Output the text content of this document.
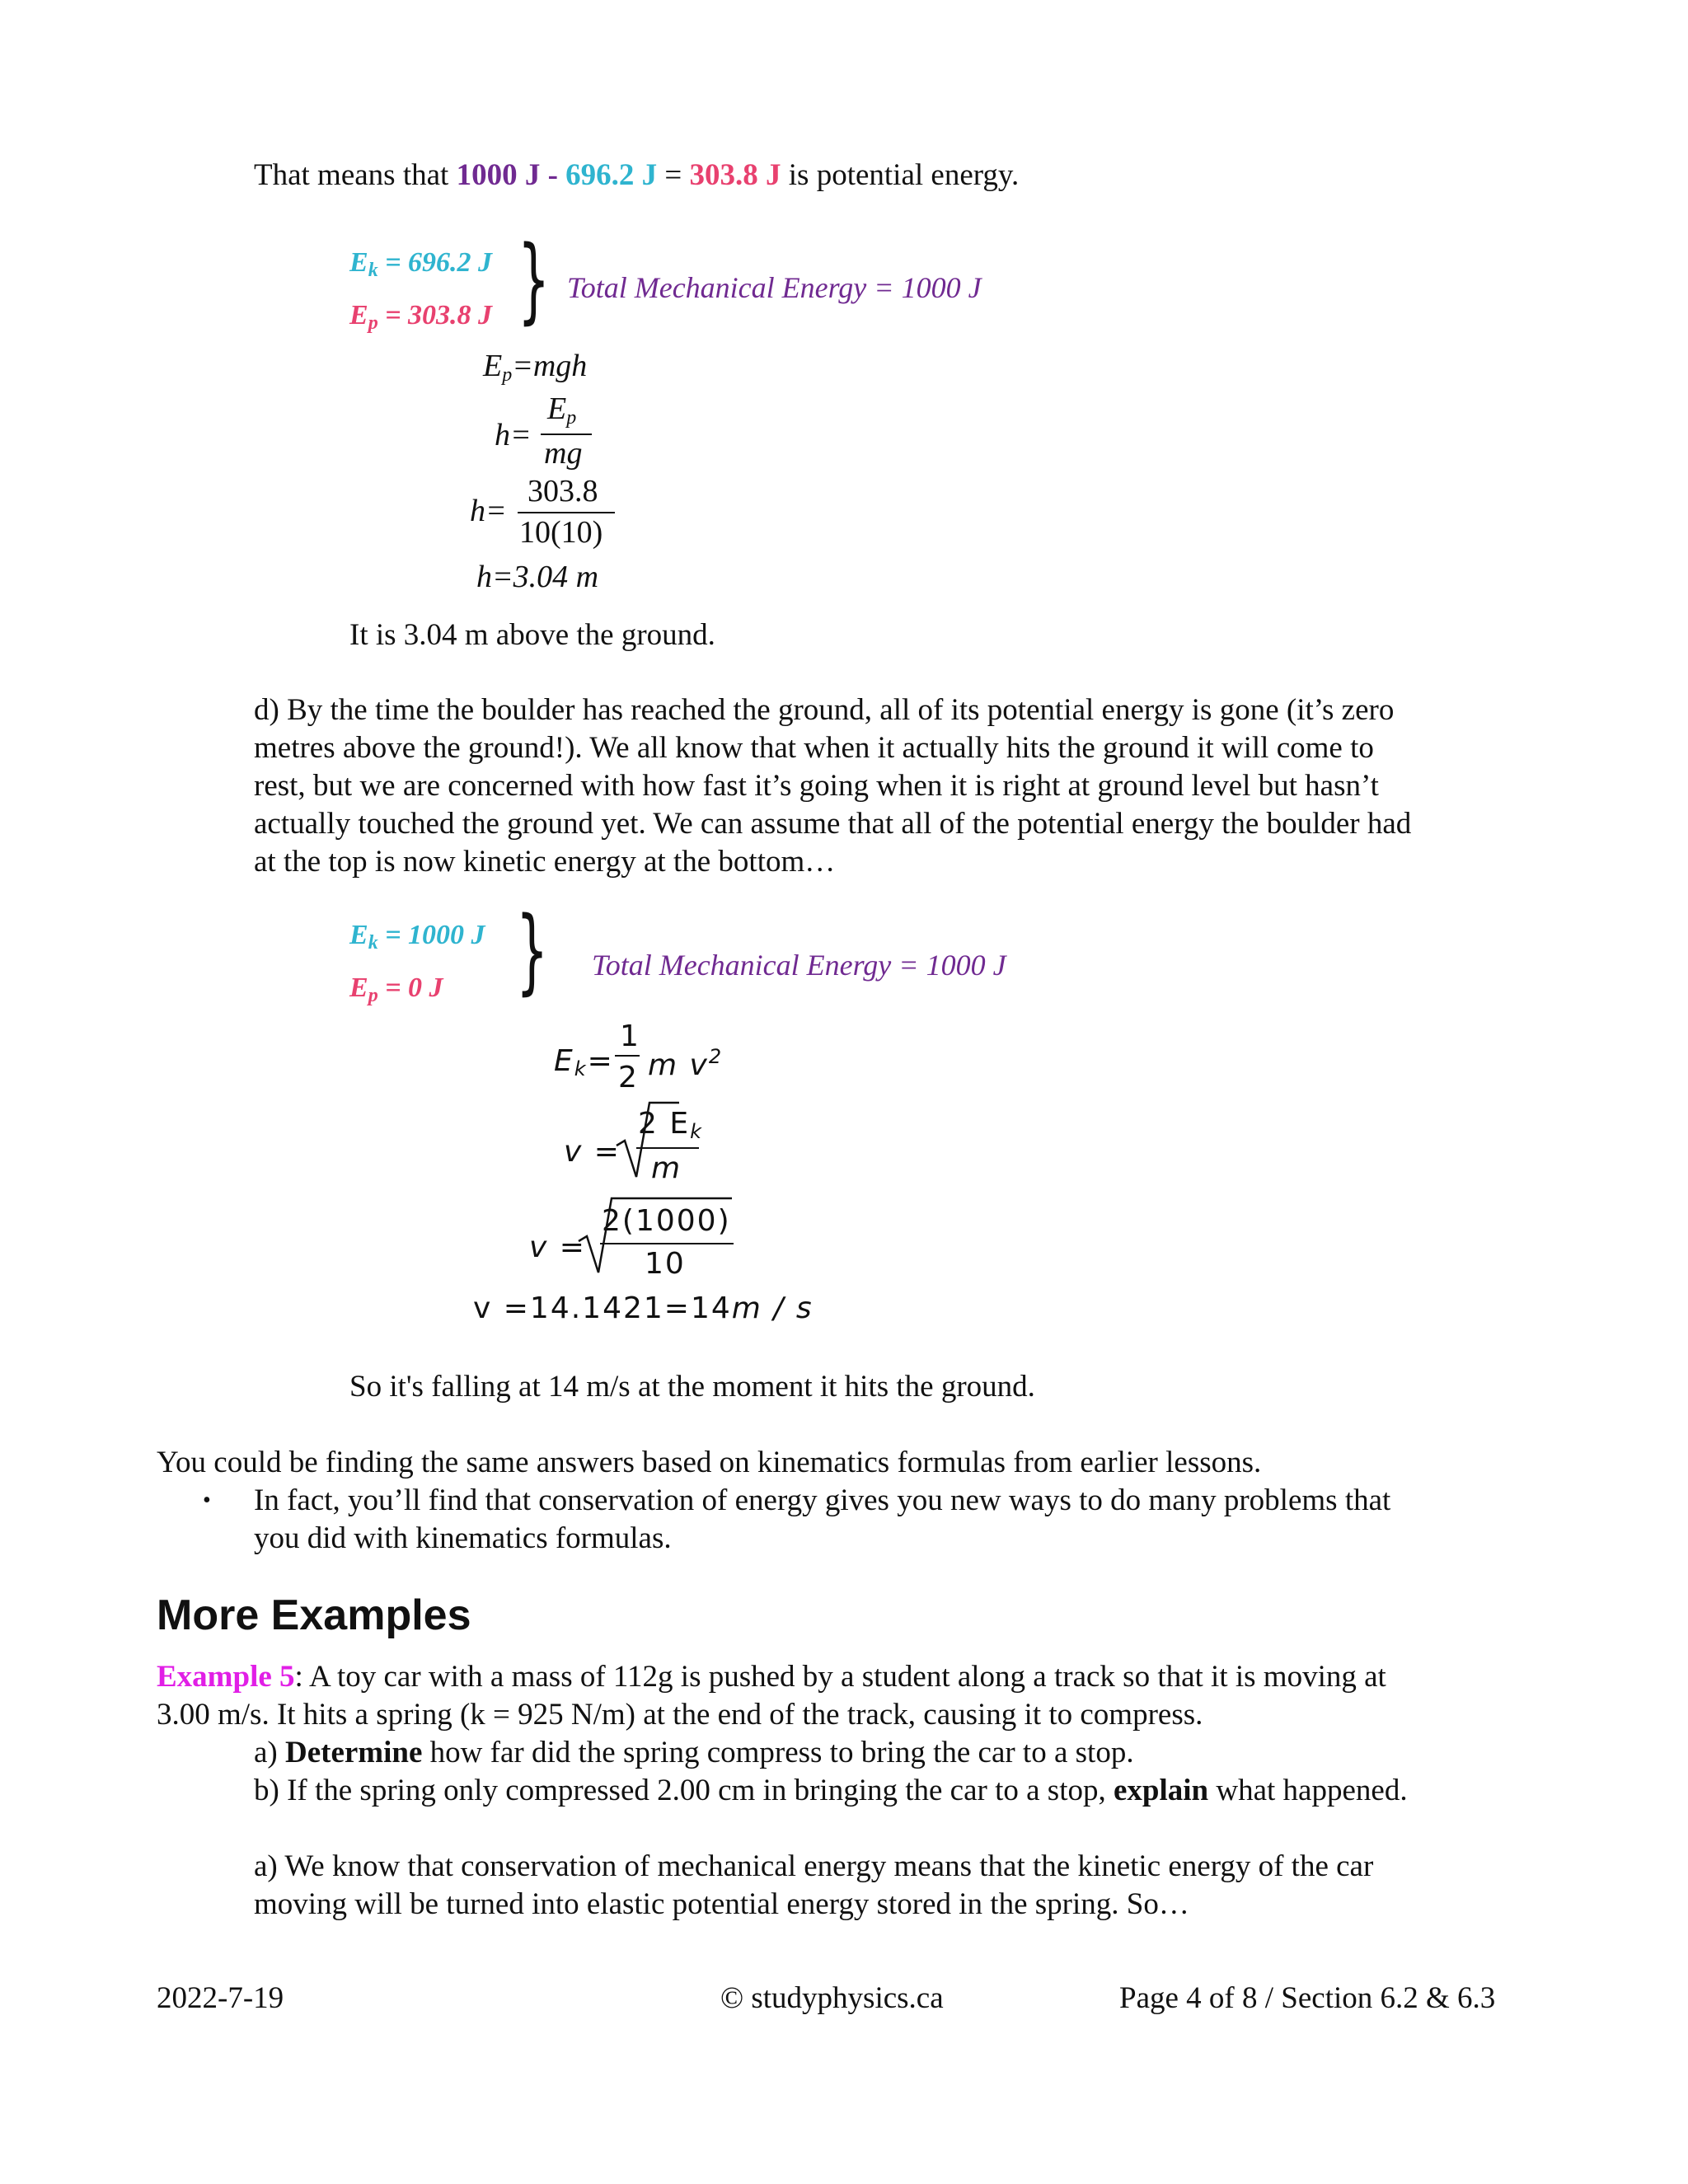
That means that 1000 J - 696.2 J = 303.8 J is potential energy.
$E_k = 696.2$ J
$E_p = 303.8$ J } Total Mechanical Energy = 1000 J
$E_p=mgh$
h=
$E_p$
mg
h=
303.8
10(10)
h=3.04 m
It is 3.04 m above the ground.
d) By the time the boulder has reached the ground, all of its potential energy is gone (it’s zero
metres above the ground!). We all know that when it actually hits the ground it will come to
rest, but we are concerned with how fast it’s going when it is right at ground level but hasn’t
actually touched the ground yet. We can assume that all of the potential energy the boulder had
at the top is now kinetic energy at the bottom…
$E_k = 1000$ J
$E_p = 0$ J } Total Mechanical Energy = 1000 J
$E_k=$
1
2 m $v^2$
v =
2 $E_k$
m
v =
2(1000)
10
v =14.1421=14m / s
So it's falling at 14 m/s at the moment it hits the ground.
You could be finding the same answers based on kinematics formulas from earlier lessons.
• In fact, you’ll find that conservation of energy gives you new ways to do many problems that
you did with kinematics formulas.
More Examples
Example 5: A toy car with a mass of 112g is pushed by a student along a track so that it is moving at
3.00 m/s. It hits a spring (k = 925 N/m) at the end of the track, causing it to compress.
a) Determine how far did the spring compress to bring the car to a stop.
b) If the spring only compressed 2.00 cm in bringing the car to a stop, explain what happened.
a) We know that conservation of mechanical energy means that the kinetic energy of the car
moving will be turned into elastic potential energy stored in the spring. So…
2022-7-19	© studyphysics.ca	Page 4 of 8 / Section 6.2 & 6.3
